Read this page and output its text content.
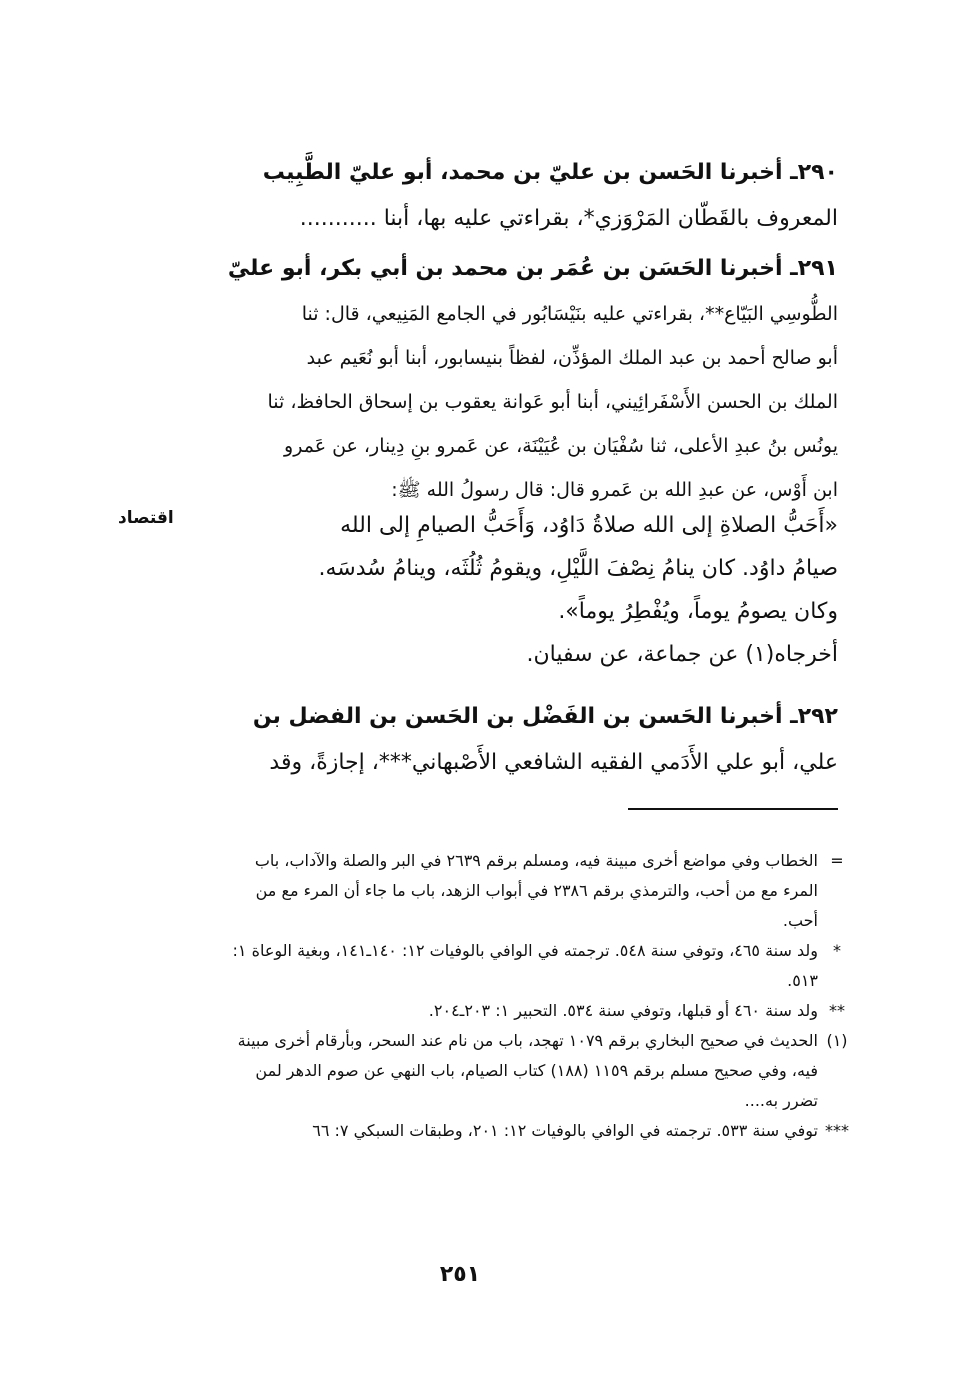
٢٩٠ـ أخبرنا الحَسن بن عليّ بن محمد، أبو عليّ الطَّبِيب
المعروف بالقَطّان المَرْوَزي*، بقراءتي عليه بها، أبنا ...........
٢٩١ـ أخبرنا الحَسَن بن عُمَر بن محمد بن أبي بكر، أبو عليّ
الطُّوسِي البَيّاع**، بقراءتي عليه بنَيْسَابُور في الجامع المَنِيعي، قال: ثنا
أبو صالح أحمد بن عبد الملك المؤذِّن، لفظاً بنيسابور، أبنا أبو نُعَيم عبد
الملك بن الحسن الأَسْفَرائِيني، أبنا أبو عَوانة يعقوب بن إسحاق الحافظ، ثنا
يونُس بنُ عبدِ الأعلى، ثنا سُفْيَان بن عُيَيْنَة، عن عَمرو بنِ دِينار، عن عَمرو
ابن أَوْس، عن عبدِ الله بن عَمرو قال: قال رسولُ الله ﷺ:
اقتصاد	«أَحَبُّ الصلاةِ إلى الله صلاةُ دَاوُد، وَأَحَبُّ الصيامِ إلى الله
صيامُ داوُد. كان ينامُ نِصْفَ اللَّيْلِ، ويقومُ ثُلُثَه، وينامُ سُدسَه.
وكان يصومُ يوماً، ويُفْطِرُ يوماً».
أخرجاه(١) عن جماعة، عن سفيان.
٢٩٢ـ أخبرنا الحَسن بن الفَضْل بن الحَسن بن الفضل بن
علي، أبو علي الأَدَمي الفقيه الشافعي الأَصْبهاني***، إجازةً، وقد
=
الخطاب وفي مواضع أخرى مبينة فيه، ومسلم برقم ٢٦٣٩ في البر والصلة والآداب، باب المرء مع من أحب، والترمذي برقم ٢٣٨٦ في أبواب الزهد، باب ما جاء أن المرء مع من أحب.
*
ولد سنة ٤٦٥، وتوفي سنة ٥٤٨. ترجمته في الوافي بالوفيات ١٢: ١٤٠ـ١٤١، وبغية الوعاة ١: ٥١٣.
**
ولد سنة ٤٦٠ أو قبلها، وتوفي سنة ٥٣٤. التحبير ١: ٢٠٣ـ٢٠٤.
(١)
الحديث في صحيح البخاري برقم ١٠٧٩ تهجد، باب من نام عند السحر، وبأرقام أخرى مبينة فيه، وفي صحيح مسلم برقم ١١٥٩ (١٨٨) كتاب الصيام، باب النهي عن صوم الدهر لمن تضرر به....
***
توفي سنة ٥٣٣. ترجمته في الوافي بالوفيات ١٢: ٢٠١، وطبقات السبكي ٧: ٦٦
٢٥١
